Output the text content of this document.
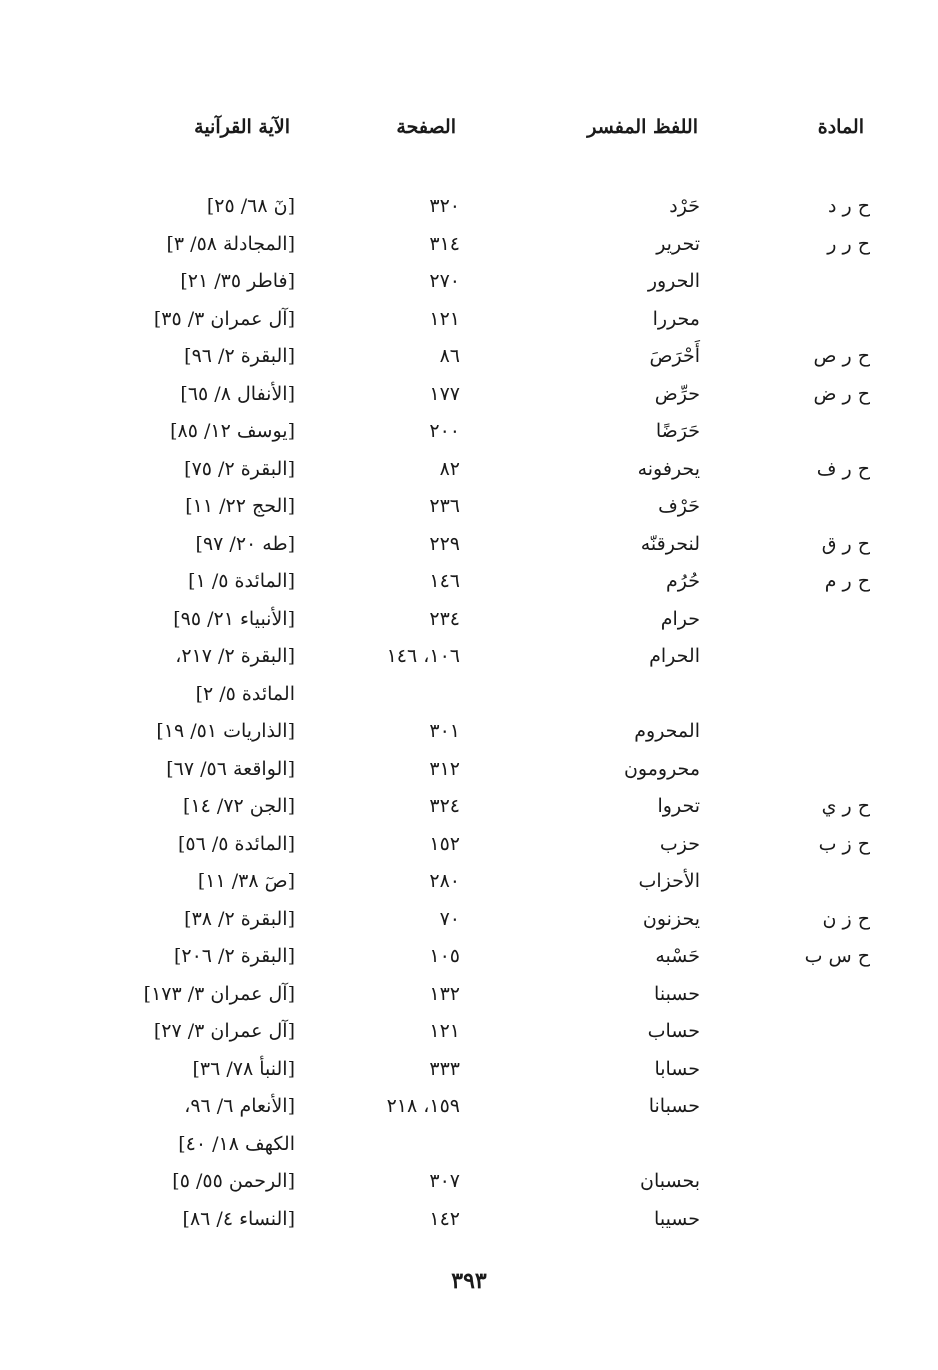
المادة
اللفظ المفسر
الصفحة
الآية القرآنية
ح ر د
حَرْد
٣٢٠
[نٓ ٦٨/ ٢٥]
ح ر ر
تحرير
٣١٤
[المجادلة ٥٨/ ٣]
الحرور
٢٧٠
[فاطر ٣٥/ ٢١]
محررا
١٢١
[آل عمران ٣/ ٣٥]
ح ر ص
أَحْرَصَ
٨٦
[البقرة ٢/ ٩٦]
ح ر ض
حرِّض
١٧٧
[الأنفال ٨/ ٦٥]
حَرَضًا
٢٠٠
[يوسف ١٢/ ٨٥]
ح ر ف
يحرفونه
٨٢
[البقرة ٢/ ٧٥]
حَرْف
٢٣٦
[الحج ٢٢/ ١١]
ح ر ق
لنحرقنّه
٢٢٩
[طه ٢٠/ ٩٧]
ح ر م
حُرُم
١٤٦
[المائدة ٥/ ١]
حرام
٢٣٤
[الأنبياء ٢١/ ٩٥]
الحرام
١٠٦، ١٤٦
[البقرة ٢/ ٢١٧،
المائدة ٥/ ٢]
المحروم
٣٠١
[الذاريات ٥١/ ١٩]
محرومون
٣١٢
[الواقعة ٥٦/ ٦٧]
ح ر ي
تحروا
٣٢٤
[الجن ٧٢/ ١٤]
ح ز ب
حزب
١٥٢
[المائدة ٥/ ٥٦]
الأحزاب
٢٨٠
[صٓ ٣٨/ ١١]
ح ز ن
يحزنون
٧٠
[البقرة ٢/ ٣٨]
ح س ب
حَسْبه
١٠٥
[البقرة ٢/ ٢٠٦]
حسبنا
١٣٢
[آل عمران ٣/ ١٧٣]
حساب
١٢١
[آل عمران ٣/ ٢٧]
حسابا
٣٣٣
[النبأ ٧٨/ ٣٦]
حسبانا
١٥٩، ٢١٨
[الأنعام ٦/ ٩٦،
الكهف ١٨/ ٤٠]
بحسبان
٣٠٧
[الرحمن ٥٥/ ٥]
حسيبا
١٤٢
[النساء ٤/ ٨٦]
٣٩٣
